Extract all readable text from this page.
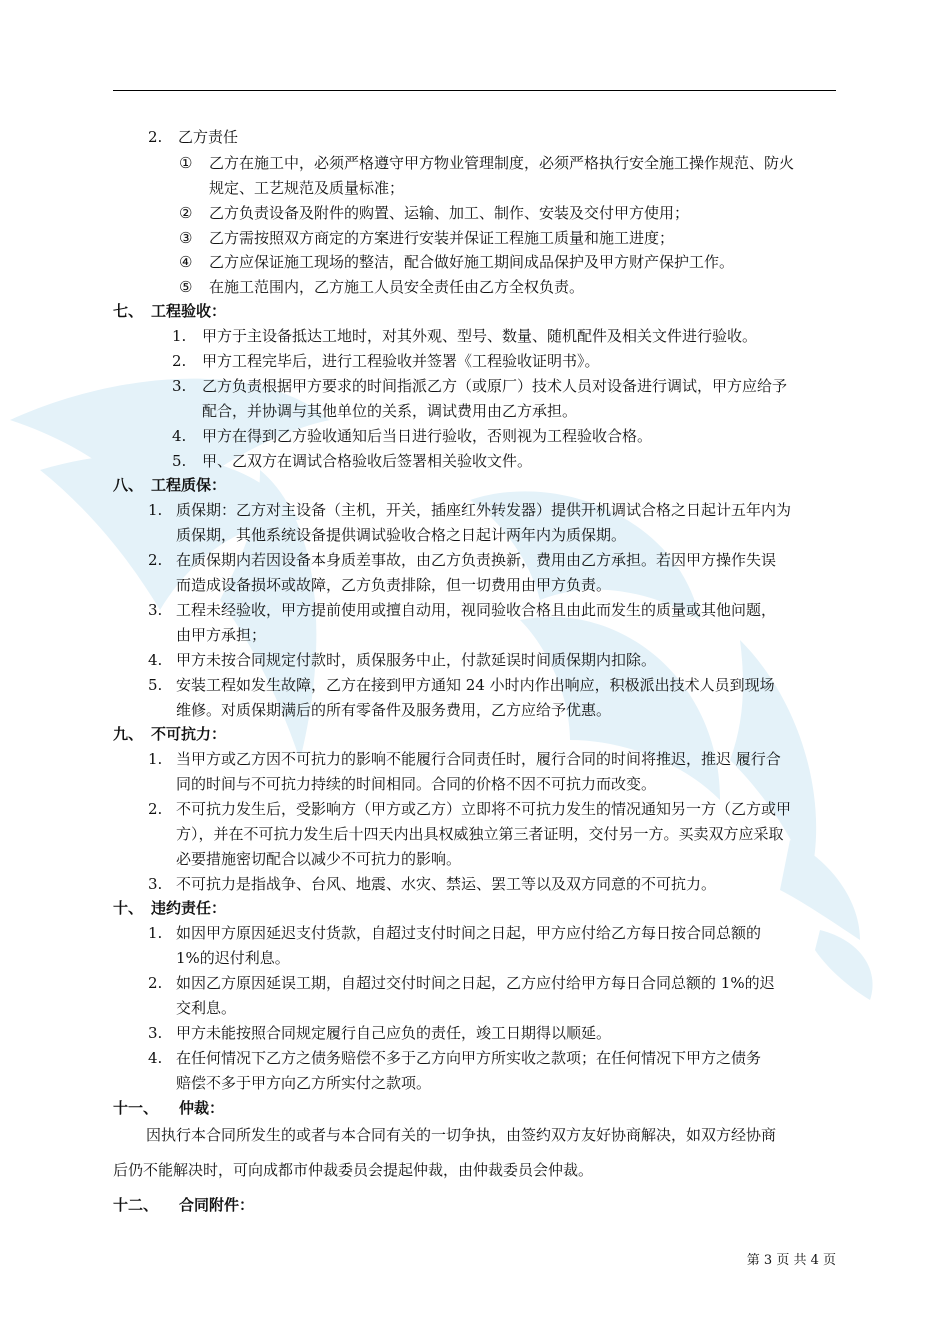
2. 乙方责任
① 乙方在施工中，必须严格遵守甲方物业管理制度，必须严格执行安全施工操作规范、防火
规定、工艺规范及质量标准；
② 乙方负责设备及附件的购置、运输、加工、制作、安装及交付甲方使用；
③ 乙方需按照双方商定的方案进行安装并保证工程施工质量和施工进度；
④ 乙方应保证施工现场的整洁，配合做好施工期间成品保护及甲方财产保护工作。
⑤ 在施工范围内，乙方施工人员安全责任由乙方全权负责。
七、 工程验收：
1. 甲方于主设备抵达工地时，对其外观、型号、数量、随机配件及相关文件进行验收。
2. 甲方工程完毕后，进行工程验收并签署《工程验收证明书》。
3. 乙方负责根据甲方要求的时间指派乙方（或原厂）技术人员对设备进行调试，甲方应给予
配合，并协调与其他单位的关系，调试费用由乙方承担。
4. 甲方在得到乙方验收通知后当日进行验收，否则视为工程验收合格。
5. 甲、乙双方在调试合格验收后签署相关验收文件。
八、 工程质保：
1. 质保期：乙方对主设备（主机，开关，插座红外转发器）提供开机调试合格之日起计五年内为
质保期，其他系统设备提供调试验收合格之日起计两年内为质保期。
2. 在质保期内若因设备本身质差事故，由乙方负责换新，费用由乙方承担。若因甲方操作失误
而造成设备损坏或故障，乙方负责排除，但一切费用由甲方负责。
3. 工程未经验收，甲方提前使用或擅自动用，视同验收合格且由此而发生的质量或其他问题，
由甲方承担；
4. 甲方未按合同规定付款时，质保服务中止，付款延误时间质保期内扣除。
5. 安装工程如发生故障，乙方在接到甲方通知 24 小时内作出响应，积极派出技术人员到现场
维修。对质保期满后的所有零备件及服务费用，乙方应给予优惠。
九、 不可抗力：
1. 当甲方或乙方因不可抗力的影响不能履行合同责任时，履行合同的时间将推迟，推迟 履行合
同的时间与不可抗力持续的时间相同。合同的价格不因不可抗力而改变。
2. 不可抗力发生后，受影响方（甲方或乙方）立即将不可抗力发生的情况通知另一方（乙方或甲
方），并在不可抗力发生后十四天内出具权威独立第三者证明，交付另一方。买卖双方应采取
必要措施密切配合以减少不可抗力的影响。
3. 不可抗力是指战争、台风、地震、水灾、禁运、罢工等以及双方同意的不可抗力。
十、 违约责任：
1. 如因甲方原因延迟支付货款，自超过支付时间之日起，甲方应付给乙方每日按合同总额的
1%的迟付利息。
2. 如因乙方原因延误工期，自超过交付时间之日起，乙方应付给甲方每日合同总额的 1%的迟
交利息。
3. 甲方未能按照合同规定履行自己应负的责任，竣工日期得以顺延。
4. 在任何情况下乙方之债务赔偿不多于乙方向甲方所实收之款项；在任何情况下甲方之债务
赔偿不多于甲方向乙方所实付之款项。
十一、 仲裁：
因执行本合同所发生的或者与本合同有关的一切争执，由签约双方友好协商解决，如双方经协商
后仍不能解决时，可向成都市仲裁委员会提起仲裁，由仲裁委员会仲裁。
十二、 合同附件：
第 3 页 共 4 页
